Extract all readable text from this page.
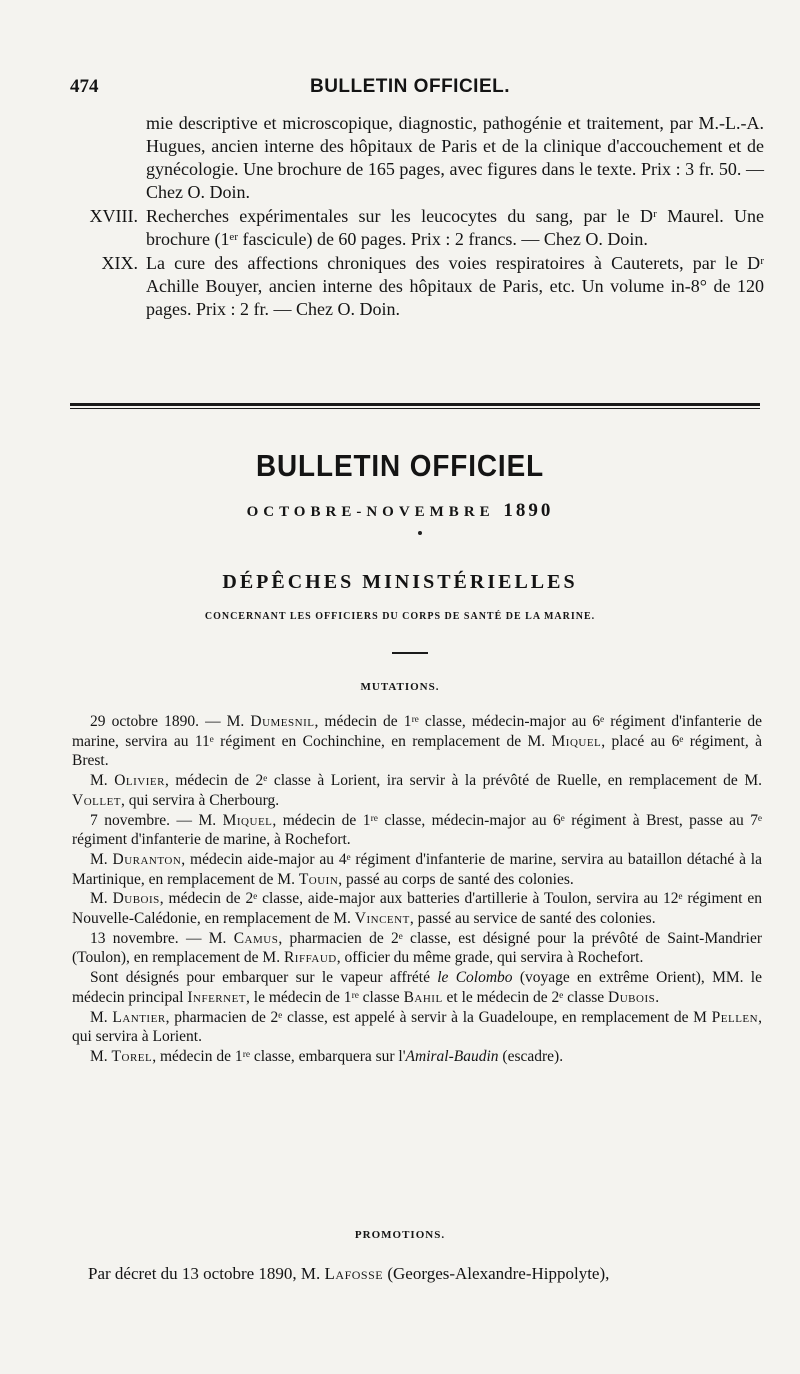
474	BULLETIN OFFICIEL.
mie descriptive et microscopique, diagnostic, pathogénie et traitement, par M.-L.-A. Hugues, ancien interne des hôpitaux de Paris et de la clinique d'accouchement et de gynécologie. Une brochure de 165 pages, avec figures dans le texte. Prix : 3 fr. 50. — Chez O. Doin.
XVIII. Recherches expérimentales sur les leucocytes du sang, par le Dʳ Maurel. Une brochure (1ᵉʳ fascicule) de 60 pages. Prix : 2 francs. — Chez O. Doin.
XIX. La cure des affections chroniques des voies respiratoires à Cauterets, par le Dʳ Achille Bouyer, ancien interne des hôpitaux de Paris, etc. Un volume in-8° de 120 pages. Prix : 2 fr. — Chez O. Doin.
BULLETIN OFFICIEL
OCTOBRE-NOVEMBRE 1890
DÉPÊCHES MINISTÉRIELLES
CONCERNANT LES OFFICIERS DU CORPS DE SANTÉ DE LA MARINE.
MUTATIONS.

29 octobre 1890. — M. Dumesnil, médecin de 1ʳᵉ classe, médecin-major au 6ᵉ régiment d'infanterie de marine, servira au 11ᵉ régiment en Cochinchine, en remplacement de M. Miquel, placé au 6ᵉ régiment, à Brest.

M. Olivier, médecin de 2ᵉ classe à Lorient, ira servir à la prévôté de Ruelle, en remplacement de M. Vollet, qui servira à Cherbourg.

7 novembre. — M. Miquel, médecin de 1ʳᵉ classe, médecin-major au 6ᵉ régiment à Brest, passe au 7ᵉ régiment d'infanterie de marine, à Rochefort.

M. Duranton, médecin aide-major au 4ᵉ régiment d'infanterie de marine, servira au bataillon détaché à la Martinique, en remplacement de M. Touin, passé au corps de santé des colonies.

M. Dubois, médecin de 2ᵉ classe, aide-major aux batteries d'artillerie à Toulon, servira au 12ᵉ régiment en Nouvelle-Calédonie, en remplacement de M. Vincent, passé au service de santé des colonies.

13 novembre. — M. Camus, pharmacien de 2ᵉ classe, est désigné pour la prévôté de Saint-Mandrier (Toulon), en remplacement de M. Riffaud, officier du même grade, qui servira à Rochefort.

Sont désignés pour embarquer sur le vapeur affrété le Colombo (voyage en extrême Orient), MM. le médecin principal Infernet, le médecin de 1ʳᵉ classe Bahil et le médecin de 2ᵉ classe Dubois.

M. Lantier, pharmacien de 2ᵉ classe, est appelé à servir à la Guadeloupe, en remplacement de M Pellen, qui servira à Lorient.

M. Torel, médecin de 1ʳᵉ classe, embarquera sur l'Amiral-Baudin (escadre).

PROMOTIONS.
Par décret du 13 octobre 1890, M. Lafosse (Georges-Alexandre-Hippolyte),
